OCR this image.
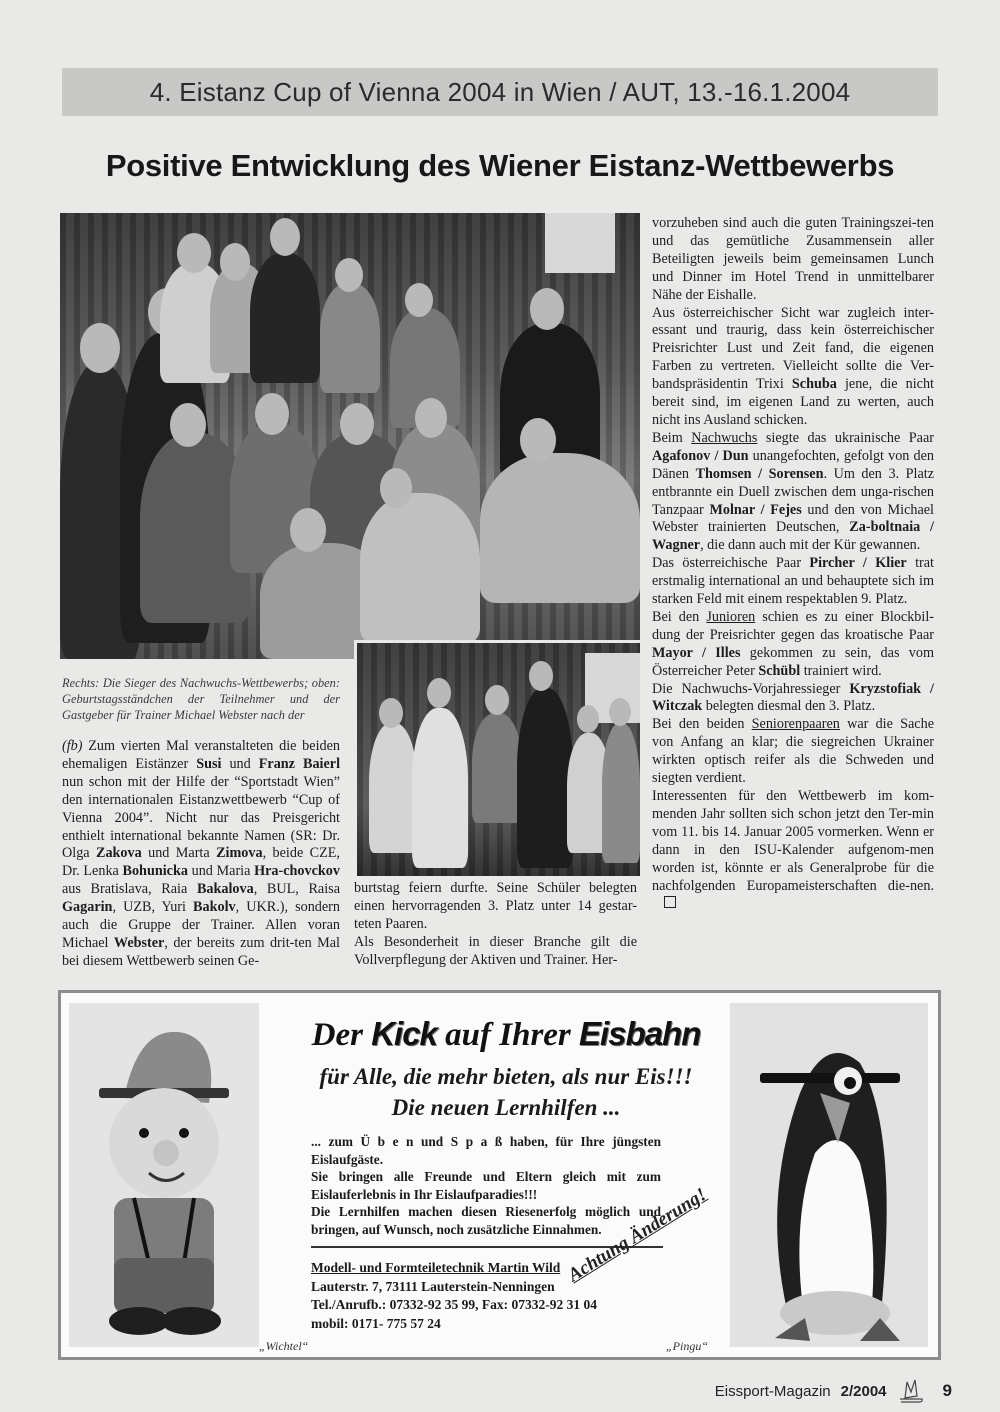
4. Eistanz Cup of Vienna 2004 in Wien / AUT, 13.-16.1.2004
Positive Entwicklung des Wiener Eistanz-Wettbewerbs
Rechts: Die Sieger des Nachwuchs-Wettbewerbs; oben: Geburtstagsständchen der Teilnehmer und der Gastgeber für Trainer Michael Webster nach der

(fb) Zum vierten Mal veranstalteten die beiden ehemaligen Eistänzer Susi und Franz Baierl nun schon mit der Hilfe der “Sportstadt Wien” den internationalen Eistanzwettbewerb “Cup of Vienna 2004”. Nicht nur das Preisgericht enthielt international bekannte Namen (SR: Dr. Olga Zakova und Marta Zimova, beide CZE, Dr. Lenka Bohunicka und Maria Hra-chovckov aus Bratislava, Raia Bakalova, BUL, Raisa Gagarin, UZB, Yuri Bakolv, UKR.), sondern auch die Gruppe der Trainer. Allen voran Michael Webster, der bereits zum drit-ten Mal bei diesem Wettbewerb seinen Ge-

burtstag feiern durfte. Seine Schüler belegten einen hervorragenden 3. Platz unter 14 gestar-teten Paaren.

Als Besonderheit in dieser Branche gilt die Vollverpflegung der Aktiven und Trainer. Her-

vorzuheben sind auch die guten Trainingszei-ten und das gemütliche Zusammensein aller Beteiligten jeweils beim gemeinsamen Lunch und Dinner im Hotel Trend in unmittelbarer Nähe der Eishalle.

Aus österreichischer Sicht war zugleich inter-essant und traurig, dass kein österreichischer Preisrichter Lust und Zeit fand, die eigenen Farben zu vertreten. Vielleicht sollte die Ver-bandspräsidentin Trixi Schuba jene, die nicht bereit sind, im eigenen Land zu werten, auch nicht ins Ausland schicken.

Beim Nachwuchs siegte das ukrainische Paar Agafonov / Dun unangefochten, gefolgt von den Dänen Thomsen / Sorensen. Um den 3. Platz entbrannte ein Duell zwischen dem unga-rischen Tanzpaar Molnar / Fejes und den von Michael Webster trainierten Deutschen, Za-boltnaia / Wagner, die dann auch mit der Kür gewannen.

Das österreichische Paar Pircher / Klier trat erstmalig international an und behauptete sich im starken Feld mit einem respektablen 9. Platz.

Bei den Junioren schien es zu einer Blockbil-dung der Preisrichter gegen das kroatische Paar Mayor / Illes gekommen zu sein, das vom Österreicher Peter Schübl trainiert wird.

Die Nachwuchs-Vorjahressieger Kryzstofiak / Witczak belegten diesmal den 3. Platz.

Bei den beiden Seniorenpaaren war die Sache von Anfang an klar; die siegreichen Ukrainer wirkten optisch reifer als die Schweden und siegten verdient.

Interessenten für den Wettbewerb im kom-menden Jahr sollten sich schon jetzt den Ter-min vom 11. bis 14. Januar 2005 vormerken. Wenn er dann in den ISU-Kalender aufgenom-men worden ist, könnte er als Generalprobe für die nachfolgenden Europameisterschaften die-nen.

Der Kick auf Ihrer Eisbahn
für Alle, die mehr bieten, als nur Eis!!!
Die neuen Lernhilfen ...

... zum Ü b e n und S p a ß haben, für Ihre jüngsten Eislaufgäste.

Sie bringen alle Freunde und Eltern gleich mit zum Eislauferlebnis in Ihr Eislaufparadies!!!

Die Lernhilfen machen diesen Riesenerfolg möglich und bringen, auf Wunsch, noch zusätzliche Einnahmen.

Modell- und Formteiletechnik Martin Wild
Lauterstr. 7, 73111 Lauterstein-Nenningen
Tel./Anrufb.: 07332-92 35 99, Fax: 07332-92 31 04
mobil: 0171- 775 57 24
Achtung Änderung!
„Wichtel“	„Pingu“
Eissport-Magazin 2/2004	9
